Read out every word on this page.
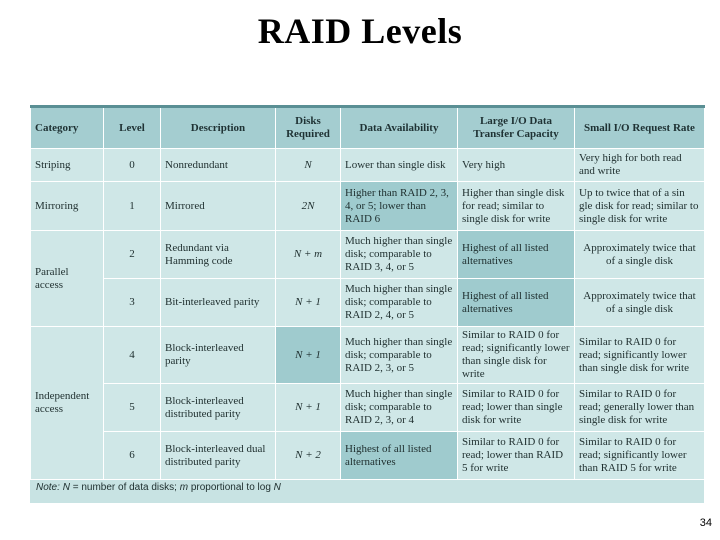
RAID Levels
Category	Level	Description	Disks Required	Data Availability	Large I/O Data Transfer Capacity	Small I/O Request Rate
Striping	0	Nonredundant	N	Lower than single disk	Very high	Very high for both read and write
Mirroring	1	Mirrored	2N	Higher than RAID 2, 3, 4, or 5; lower than RAID 6	Higher than single disk for read; similar to single disk for write	Up to twice that of a sin gle disk for read; similar to single disk for write
Parallel access	2	Redundant via Hamming code	N + m	Much higher than single disk; comparable to RAID 3, 4, or 5	Highest of all listed alternatives	Approximately twice that of a single disk
	3	Bit-interleaved parity	N + 1	Much higher than single disk; comparable to RAID 2, 4, or 5	Highest of all listed alternatives	Approximately twice that of a single disk
Independent access	4	Block-interleaved parity	N + 1	Much higher than single disk; comparable to RAID 2, 3, or 5	Similar to RAID 0 for read; significantly lower than single disk for write	Similar to RAID 0 for read; significantly lower than single disk for write
	5	Block-interleaved distributed parity	N + 1	Much higher than single disk; comparable to RAID 2, 3, or 4	Similar to RAID 0 for read; lower than single disk for write	Similar to RAID 0 for read; generally lower than single disk for write
	6	Block-interleaved dual distributed parity	N + 2	Highest of all listed alternatives	Similar to RAID 0 for read; lower than RAID 5 for write	Similar to RAID 0 for read; significantly lower than RAID 5 for write
Note: N = number of data disks; m proportional to log N
34
